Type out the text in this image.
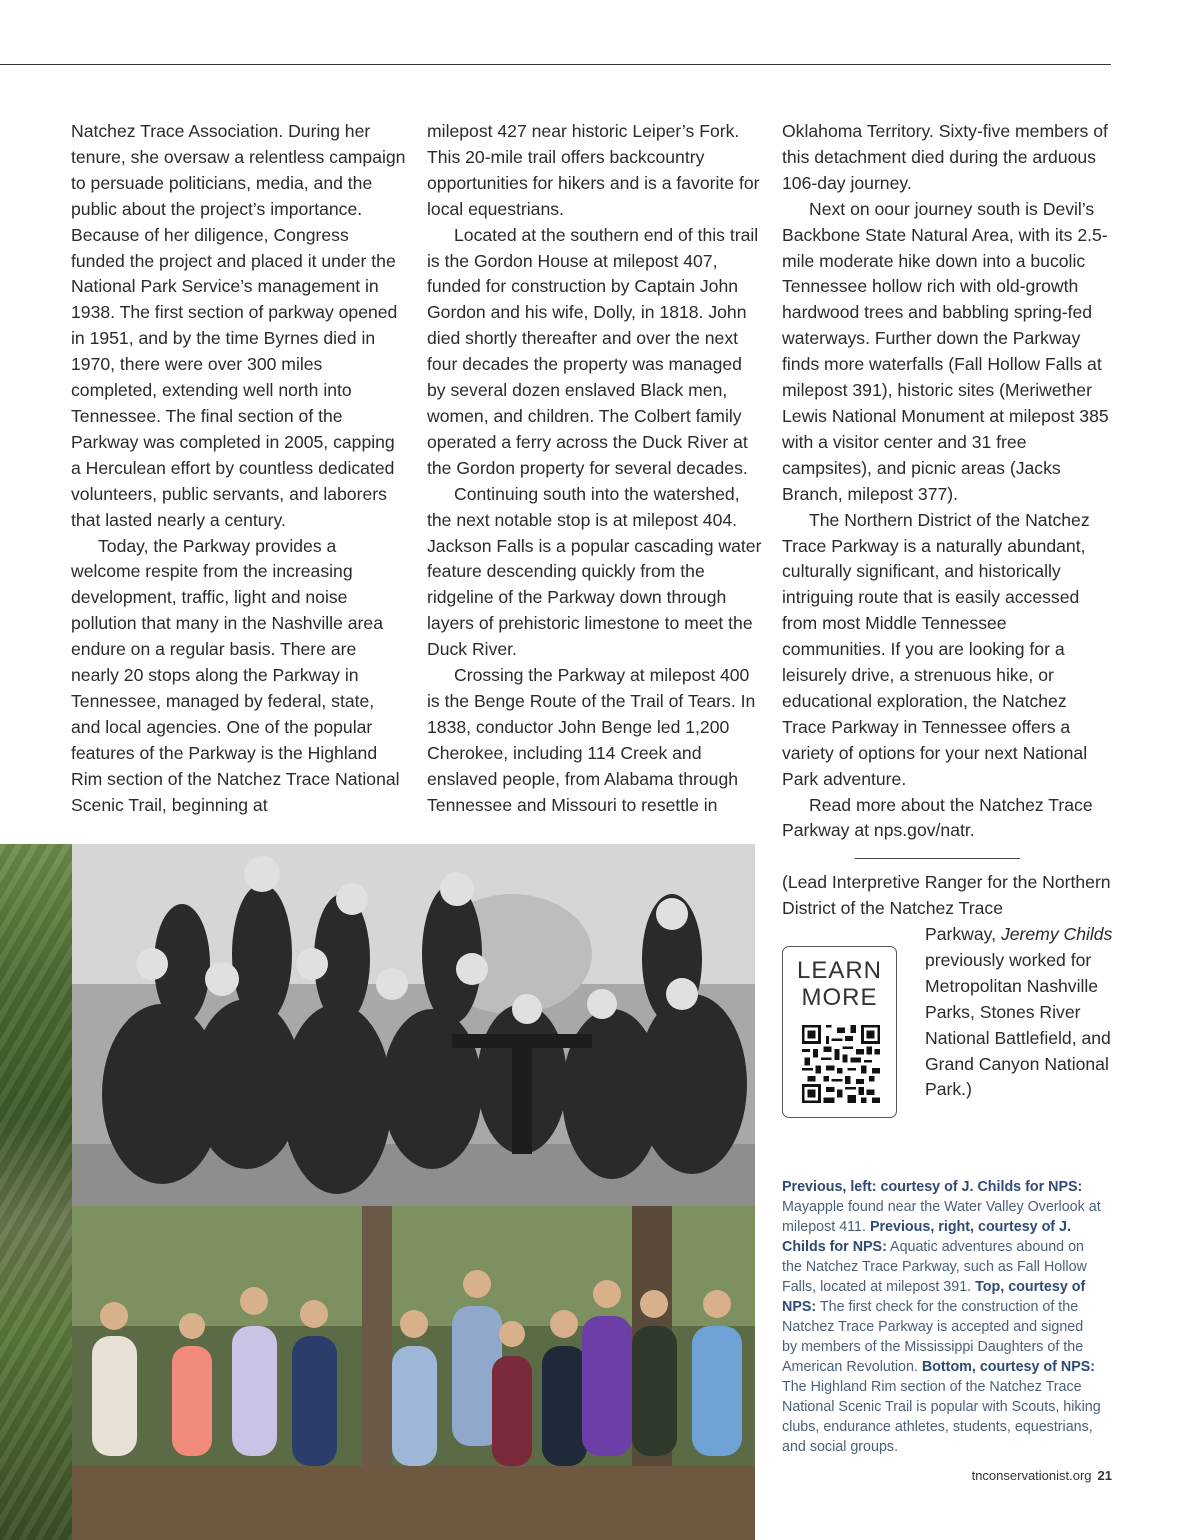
Natchez Trace Association. During her tenure, she oversaw a relentless campaign to persuade politicians, media, and the public about the project’s importance. Because of her diligence, Congress funded the project and placed it under the National Park Service’s management in 1938. The first section of parkway opened in 1951, and by the time Byrnes died in 1970, there were over 300 miles completed, extending well north into Tennessee. The final section of the Parkway was completed in 2005, capping a Herculean effort by countless dedicated volunteers, public servants, and laborers that lasted nearly a century.

Today, the Parkway provides a welcome respite from the increasing development, traffic, light and noise pollution that many in the Nashville area endure on a regular basis. There are nearly 20 stops along the Parkway in Tennessee, managed by federal, state, and local agencies. One of the popular features of the Parkway is the Highland Rim section of the Natchez Trace National Scenic Trail, beginning at

milepost 427 near historic Leiper’s Fork. This 20-mile trail offers backcountry opportunities for hikers and is a favorite for local equestrians.

Located at the southern end of this trail is the Gordon House at milepost 407, funded for construction by Captain John Gordon and his wife, Dolly, in 1818. John died shortly thereafter and over the next four decades the property was managed by several dozen enslaved Black men, women, and children. The Colbert family operated a ferry across the Duck River at the Gordon property for several decades.

Continuing south into the watershed, the next notable stop is at milepost 404. Jackson Falls is a popular cascading water feature descending quickly from the ridgeline of the Parkway down through layers of prehistoric limestone to meet the Duck River.

Crossing the Parkway at milepost 400 is the Benge Route of the Trail of Tears. In 1838, conductor John Benge led 1,200 Cherokee, including 114 Creek and enslaved people, from Alabama through Tennessee and Missouri to resettle in

Oklahoma Territory. Sixty-five members of this detachment died during the arduous 106-day journey.

Next on oour journey south is Devil’s Backbone State Natural Area, with its 2.5-mile moderate hike down into a bucolic Tennessee hollow rich with old-growth hardwood trees and babbling spring-fed waterways. Further down the Parkway finds more waterfalls (Fall Hollow Falls at milepost 391), historic sites (Meriwether Lewis National Monument at milepost 385 with a visitor center and 31 free campsites), and picnic areas (Jacks Branch, milepost 377).

The Northern District of the Natchez Trace Parkway is a naturally abundant, culturally significant, and historically intriguing route that is easily accessed from most Middle Tennessee communities. If you are looking for a leisurely drive, a strenuous hike, or educational exploration, the Natchez Trace Parkway in Tennessee offers a variety of options for your next National Park adventure.

Read more about the Natchez Trace Parkway at nps.gov/natr.

(Lead Interpretive Ranger for the Northern District of the Natchez Trace
Parkway, Jeremy Childs previously worked for Metropolitan Nashville Parks, Stones River National Battlefield, and Grand Canyon National Park.)
LEARN
MORE
Previous, left: courtesy of J. Childs for NPS: Mayapple found near the Water Valley Overlook at milepost 411. Previous, right, courtesy of J. Childs for NPS: Aquatic adventures abound on the Natchez Trace Parkway, such as Fall Hollow Falls, located at milepost 391. Top, courtesy of NPS: The first check for the construction of the Natchez Trace Parkway is accepted and signed by members of the Mississippi Daughters of the American Revolution. Bottom, courtesy of NPS: The Highland Rim section of the Natchez Trace National Scenic Trail is popular with Scouts, hiking clubs, endurance athletes, students, equestrians, and social groups.
tnconservationist.org 21
